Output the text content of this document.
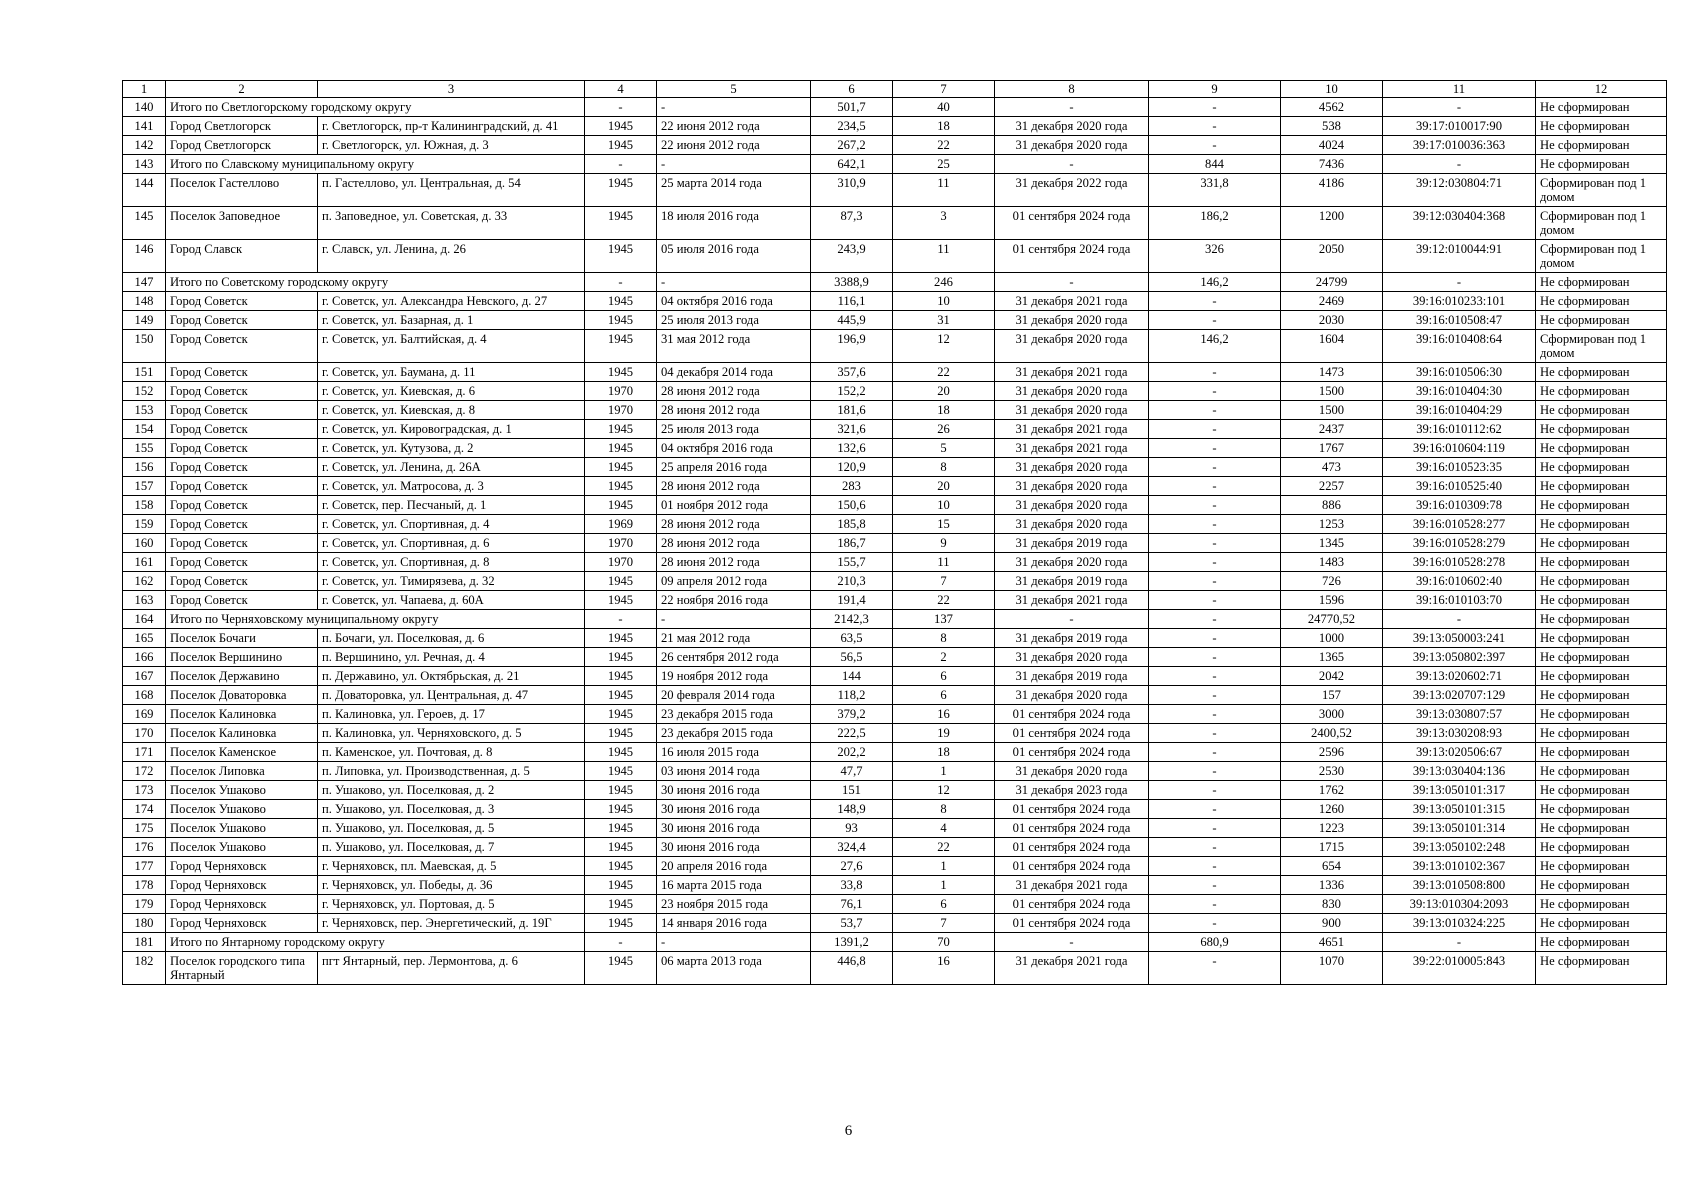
1	2	3	4	5	6	7	8	9	10	11	12
140	Итого по Светлогорскому городскому округу		-	-	501,7	40	-	-	4562	-	Не сформирован
141	Город Светлогорск	г. Светлогорск, пр-т Калининградский, д. 41	1945	22 июня 2012 года	234,5	18	31 декабря 2020 года	-	538	39:17:010017:90	Не сформирован
142	Город Светлогорск	г. Светлогорск, ул. Южная, д. 3	1945	22 июня 2012 года	267,2	22	31 декабря 2020 года	-	4024	39:17:010036:363	Не сформирован
143	Итого по Славскому муниципальному округу		-	-	642,1	25	-	844	7436	-	Не сформирован
144	Поселок Гастеллово	п. Гастеллово, ул. Центральная, д. 54	1945	25 марта 2014 года	310,9	11	31 декабря 2022 года	331,8	4186	39:12:030804:71	Сформирован под 1 домом
145	Поселок Заповедное	п. Заповедное, ул. Советская, д. 33	1945	18 июля 2016 года	87,3	3	01 сентября 2024 года	186,2	1200	39:12:030404:368	Сформирован под 1 домом
146	Город Славск	г. Славск, ул. Ленина, д. 26	1945	05 июля 2016 года	243,9	11	01 сентября 2024 года	326	2050	39:12:010044:91	Сформирован под 1 домом
147	Итого по Советскому городскому округу		-	-	3388,9	246	-	146,2	24799	-	Не сформирован
148	Город Советск	г. Советск, ул. Александра Невского, д. 27	1945	04 октября 2016 года	116,1	10	31 декабря 2021 года	-	2469	39:16:010233:101	Не сформирован
149	Город Советск	г. Советск, ул. Базарная, д. 1	1945	25 июля 2013 года	445,9	31	31 декабря 2020 года	-	2030	39:16:010508:47	Не сформирован
150	Город Советск	г. Советск, ул. Балтийская, д. 4	1945	31 мая 2012 года	196,9	12	31 декабря 2020 года	146,2	1604	39:16:010408:64	Сформирован под 1 домом
151	Город Советск	г. Советск, ул. Баумана, д. 11	1945	04 декабря 2014 года	357,6	22	31 декабря 2021 года	-	1473	39:16:010506:30	Не сформирован
152	Город Советск	г. Советск, ул. Киевская, д. 6	1970	28 июня 2012 года	152,2	20	31 декабря 2020 года	-	1500	39:16:010404:30	Не сформирован
153	Город Советск	г. Советск, ул. Киевская, д. 8	1970	28 июня 2012 года	181,6	18	31 декабря 2020 года	-	1500	39:16:010404:29	Не сформирован
154	Город Советск	г. Советск, ул. Кировоградская, д. 1	1945	25 июля 2013 года	321,6	26	31 декабря 2021 года	-	2437	39:16:010112:62	Не сформирован
155	Город Советск	г. Советск, ул. Кутузова, д. 2	1945	04 октября 2016 года	132,6	5	31 декабря 2021 года	-	1767	39:16:010604:119	Не сформирован
156	Город Советск	г. Советск, ул. Ленина, д. 26А	1945	25 апреля 2016 года	120,9	8	31 декабря 2020 года	-	473	39:16:010523:35	Не сформирован
157	Город Советск	г. Советск, ул. Матросова, д. 3	1945	28 июня 2012 года	283	20	31 декабря 2020 года	-	2257	39:16:010525:40	Не сформирован
158	Город Советск	г. Советск, пер. Песчаный, д. 1	1945	01 ноября 2012 года	150,6	10	31 декабря 2020 года	-	886	39:16:010309:78	Не сформирован
159	Город Советск	г. Советск, ул. Спортивная, д. 4	1969	28 июня 2012 года	185,8	15	31 декабря 2020 года	-	1253	39:16:010528:277	Не сформирован
160	Город Советск	г. Советск, ул. Спортивная, д. 6	1970	28 июня 2012 года	186,7	9	31 декабря 2019 года	-	1345	39:16:010528:279	Не сформирован
161	Город Советск	г. Советск, ул. Спортивная, д. 8	1970	28 июня 2012 года	155,7	11	31 декабря 2020 года	-	1483	39:16:010528:278	Не сформирован
162	Город Советск	г. Советск, ул. Тимирязева, д. 32	1945	09 апреля 2012 года	210,3	7	31 декабря 2019 года	-	726	39:16:010602:40	Не сформирован
163	Город Советск	г. Советск, ул. Чапаева, д. 60А	1945	22 ноября 2016 года	191,4	22	31 декабря 2021 года	-	1596	39:16:010103:70	Не сформирован
164	Итого по Черняховскому муниципальному округу		-	-	2142,3	137	-	-	24770,52	-	Не сформирован
165	Поселок Бочаги	п. Бочаги, ул. Поселковая, д. 6	1945	21 мая 2012 года	63,5	8	31 декабря 2019 года	-	1000	39:13:050003:241	Не сформирован
166	Поселок Вершинино	п. Вершинино, ул. Речная, д. 4	1945	26 сентября 2012 года	56,5	2	31 декабря 2020 года	-	1365	39:13:050802:397	Не сформирован
167	Поселок Державино	п. Державино, ул. Октябрьская, д. 21	1945	19 ноября 2012 года	144	6	31 декабря 2019 года	-	2042	39:13:020602:71	Не сформирован
168	Поселок Доваторовка	п. Доваторовка, ул. Центральная, д. 47	1945	20 февраля 2014 года	118,2	6	31 декабря 2020 года	-	157	39:13:020707:129	Не сформирован
169	Поселок Калиновка	п. Калиновка, ул. Героев, д. 17	1945	23 декабря 2015 года	379,2	16	01 сентября 2024 года	-	3000	39:13:030807:57	Не сформирован
170	Поселок Калиновка	п. Калиновка, ул. Черняховского, д. 5	1945	23 декабря 2015 года	222,5	19	01 сентября 2024 года	-	2400,52	39:13:030208:93	Не сформирован
171	Поселок Каменское	п. Каменское, ул. Почтовая, д. 8	1945	16 июля 2015 года	202,2	18	01 сентября 2024 года	-	2596	39:13:020506:67	Не сформирован
172	Поселок Липовка	п. Липовка, ул. Производственная, д. 5	1945	03 июня 2014 года	47,7	1	31 декабря 2020 года	-	2530	39:13:030404:136	Не сформирован
173	Поселок Ушаково	п. Ушаково, ул. Поселковая, д. 2	1945	30 июня 2016 года	151	12	31 декабря 2023 года	-	1762	39:13:050101:317	Не сформирован
174	Поселок Ушаково	п. Ушаково, ул. Поселковая, д. 3	1945	30 июня 2016 года	148,9	8	01 сентября 2024 года	-	1260	39:13:050101:315	Не сформирован
175	Поселок Ушаково	п. Ушаково, ул. Поселковая, д. 5	1945	30 июня 2016 года	93	4	01 сентября 2024 года	-	1223	39:13:050101:314	Не сформирован
176	Поселок Ушаково	п. Ушаково, ул. Поселковая, д. 7	1945	30 июня 2016 года	324,4	22	01 сентября 2024 года	-	1715	39:13:050102:248	Не сформирован
177	Город Черняховск	г. Черняховск, пл. Маевская, д. 5	1945	20 апреля 2016 года	27,6	1	01 сентября 2024 года	-	654	39:13:010102:367	Не сформирован
178	Город Черняховск	г. Черняховск, ул. Победы, д. 36	1945	16 марта 2015 года	33,8	1	31 декабря 2021 года	-	1336	39:13:010508:800	Не сформирован
179	Город Черняховск	г. Черняховск, ул. Портовая, д. 5	1945	23 ноября 2015 года	76,1	6	01 сентября 2024 года	-	830	39:13:010304:2093	Не сформирован
180	Город Черняховск	г. Черняховск, пер. Энергетический, д. 19Г	1945	14 января 2016 года	53,7	7	01 сентября 2024 года	-	900	39:13:010324:225	Не сформирован
181	Итого по Янтарному городскому округу		-	-	1391,2	70	-	680,9	4651	-	Не сформирован
182	Поселок городского типа Янтарный	пгт Янтарный, пер. Лермонтова, д. 6	1945	06 марта 2013 года	446,8	16	31 декабря 2021 года	-	1070	39:22:010005:843	Не сформирован
6
